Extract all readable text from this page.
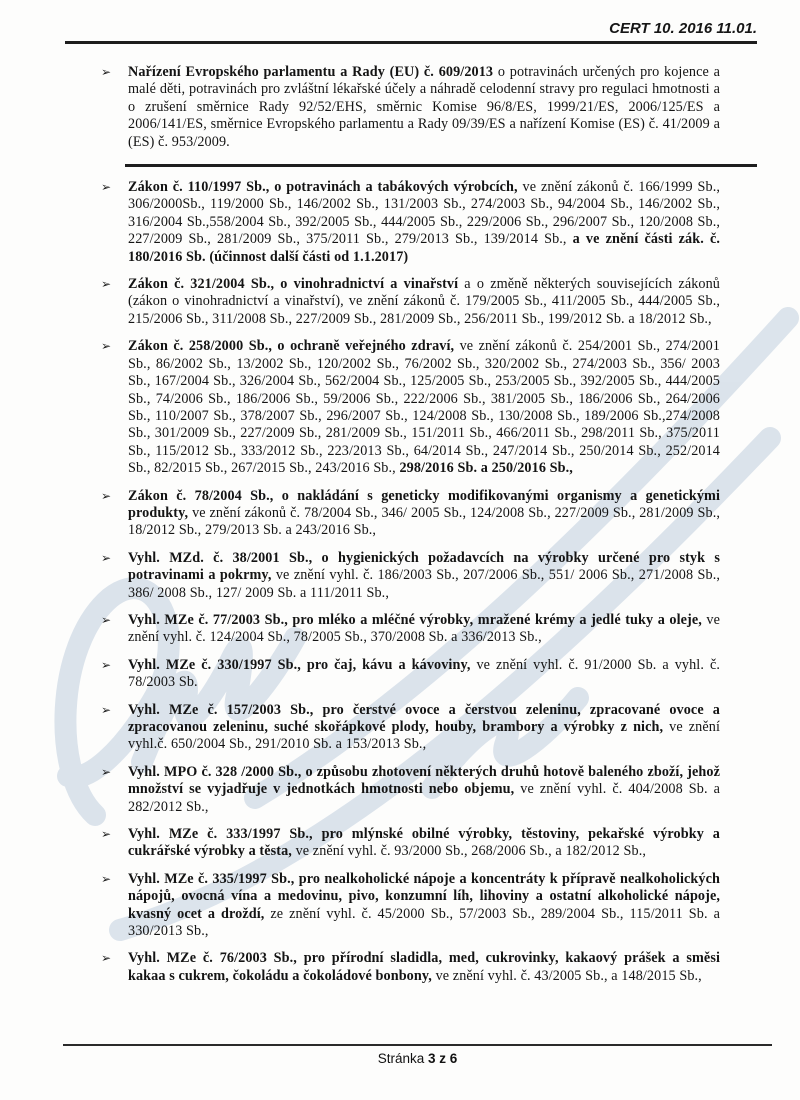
CERT 10. 2016 11.01.
➢ Nařízení Evropského parlamentu a Rady (EU) č. 609/2013 o potravinách určených pro kojence a malé děti, potravinách pro zvláštní lékařské účely a náhradě celodenní stravy pro regulaci hmotnosti a o zrušení směrnice Rady 92/52/EHS, směrnic Komise 96/8/ES, 1999/21/ES, 2006/125/ES a 2006/141/ES, směrnice Evropského parlamentu a Rady 09/39/ES a nařízení Komise (ES) č. 41/2009 a (ES) č. 953/2009.

➢ Zákon č. 110/1997 Sb., o potravinách a tabákových výrobcích, ve znění zákonů č. 166/1999 Sb., 306/2000Sb., 119/2000 Sb., 146/2002 Sb., 131/2003 Sb., 274/2003 Sb., 94/2004 Sb., 146/2002 Sb., 316/2004 Sb.,558/2004 Sb., 392/2005 Sb., 444/2005 Sb., 229/2006 Sb., 296/2007 Sb., 120/2008 Sb., 227/2009 Sb., 281/2009 Sb., 375/2011 Sb., 279/2013 Sb., 139/2014 Sb., a ve znění části zák. č. 180/2016 Sb. (účinnost další části od 1.1.2017)

➢ Zákon č. 321/2004 Sb., o vinohradnictví a vinařství a o změně některých souvisejících zákonů (zákon o vinohradnictví a vinařství), ve znění zákonů č. 179/2005 Sb., 411/2005 Sb., 444/2005 Sb., 215/2006 Sb., 311/2008 Sb., 227/2009 Sb., 281/2009 Sb., 256/2011 Sb., 199/2012 Sb. a 18/2012 Sb.,

➢ Zákon č. 258/2000 Sb., o ochraně veřejného zdraví, ve znění zákonů č. 254/2001 Sb., 274/2001 Sb., 86/2002 Sb., 13/2002 Sb., 120/2002 Sb., 76/2002 Sb., 320/2002 Sb., 274/2003 Sb., 356/ 2003 Sb., 167/2004 Sb., 326/2004 Sb., 562/2004 Sb., 125/2005 Sb., 253/2005 Sb., 392/2005 Sb., 444/2005 Sb., 74/2006 Sb., 186/2006 Sb., 59/2006 Sb., 222/2006 Sb., 381/2005 Sb., 186/2006 Sb., 264/2006 Sb., 110/2007 Sb., 378/2007 Sb., 296/2007 Sb., 124/2008 Sb., 130/2008 Sb., 189/2006 Sb.,274/2008 Sb., 301/2009 Sb., 227/2009 Sb., 281/2009 Sb., 151/2011 Sb., 466/2011 Sb., 298/2011 Sb., 375/2011 Sb., 115/2012 Sb., 333/2012 Sb., 223/2013 Sb., 64/2014 Sb., 247/2014 Sb., 250/2014 Sb., 252/2014 Sb., 82/2015 Sb., 267/2015 Sb., 243/2016 Sb., 298/2016 Sb. a 250/2016 Sb.,

➢ Zákon č. 78/2004 Sb., o nakládání s geneticky modifikovanými organismy a genetickými produkty, ve znění zákonů č. 78/2004 Sb., 346/ 2005 Sb., 124/2008 Sb., 227/2009 Sb., 281/2009 Sb., 18/2012 Sb., 279/2013 Sb. a 243/2016 Sb.,

➢ Vyhl. MZd. č. 38/2001 Sb., o hygienických požadavcích na výrobky určené pro styk s potravinami a pokrmy, ve znění vyhl. č. 186/2003 Sb., 207/2006 Sb., 551/ 2006 Sb., 271/2008 Sb., 386/ 2008 Sb., 127/ 2009 Sb. a 111/2011 Sb.,

➢ Vyhl. MZe č. 77/2003 Sb., pro mléko a mléčné výrobky, mražené krémy a jedlé tuky a oleje, ve znění vyhl. č. 124/2004 Sb., 78/2005 Sb., 370/2008 Sb. a 336/2013 Sb.,

➢ Vyhl. MZe č. 330/1997 Sb., pro čaj, kávu a kávoviny, ve znění vyhl. č. 91/2000 Sb. a vyhl. č. 78/2003 Sb.

➢ Vyhl. MZe č. 157/2003 Sb., pro čerstvé ovoce a čerstvou zeleninu, zpracované ovoce a zpracovanou zeleninu, suché skořápkové plody, houby, brambory a výrobky z nich, ve znění vyhl.č. 650/2004 Sb., 291/2010 Sb. a 153/2013 Sb.,

➢ Vyhl. MPO č. 328 /2000 Sb., o způsobu zhotovení některých druhů hotově baleného zboží, jehož množství se vyjadřuje v jednotkách hmotnosti nebo objemu, ve znění vyhl. č. 404/2008 Sb. a 282/2012 Sb.,

➢ Vyhl. MZe č. 333/1997 Sb., pro mlýnské obilné výrobky, těstoviny, pekařské výrobky a cukrářské výrobky a těsta, ve znění vyhl. č. 93/2000 Sb., 268/2006 Sb., a 182/2012 Sb.,

➢ Vyhl. MZe č. 335/1997 Sb., pro nealkoholické nápoje a koncentráty k přípravě nealkoholických nápojů, ovocná vína a medovinu, pivo, konzumní líh, lihoviny a ostatní alkoholické nápoje, kvasný ocet a droždí, ze znění vyhl. č. 45/2000 Sb., 57/2003 Sb., 289/2004 Sb., 115/2011 Sb. a 330/2013 Sb.,

➢ Vyhl. MZe č. 76/2003 Sb., pro přírodní sladidla, med, cukrovinky, kakaový prášek a směsi kakaa s cukrem, čokoládu a čokoládové bonbony, ve znění vyhl. č. 43/2005 Sb., a 148/2015 Sb.,

Stránka 3 z 6
